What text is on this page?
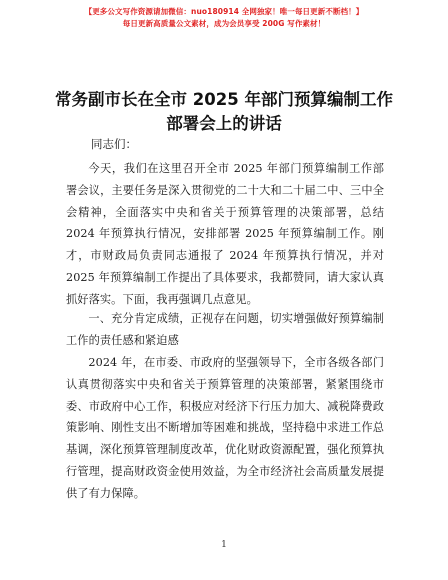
【更多公文写作资源请加微信：nuo180914 全网独家！唯一每日更新不断档！】
每日更新高质量公文素材，成为会员享受 200G 写作素材！
常务副市长在全市 2025 年部门预算编制工作部署会上的讲话
同志们：
今天，我们在这里召开全市 2025 年部门预算编制工作部署会议，主要任务是深入贯彻党的二十大和二十届二中、三中全会精神，全面落实中央和省关于预算管理的决策部署，总结 2024 年预算执行情况，安排部署 2025 年预算编制工作。刚才，市财政局负责同志通报了 2024 年预算执行情况，并对 2025 年预算编制工作提出了具体要求，我都赞同，请大家认真抓好落实。下面，我再强调几点意见。
一、充分肯定成绩，正视存在问题，切实增强做好预算编制工作的责任感和紧迫感
2024 年，在市委、市政府的坚强领导下，全市各级各部门认真贯彻落实中央和省关于预算管理的决策部署，紧紧围绕市委、市政府中心工作，积极应对经济下行压力加大、减税降费政策影响、刚性支出不断增加等困难和挑战，坚持稳中求进工作总基调，深化预算管理制度改革，优化财政资源配置，强化预算执行管理，提高财政资金使用效益，为全市经济社会高质量发展提供了有力保障。
1
